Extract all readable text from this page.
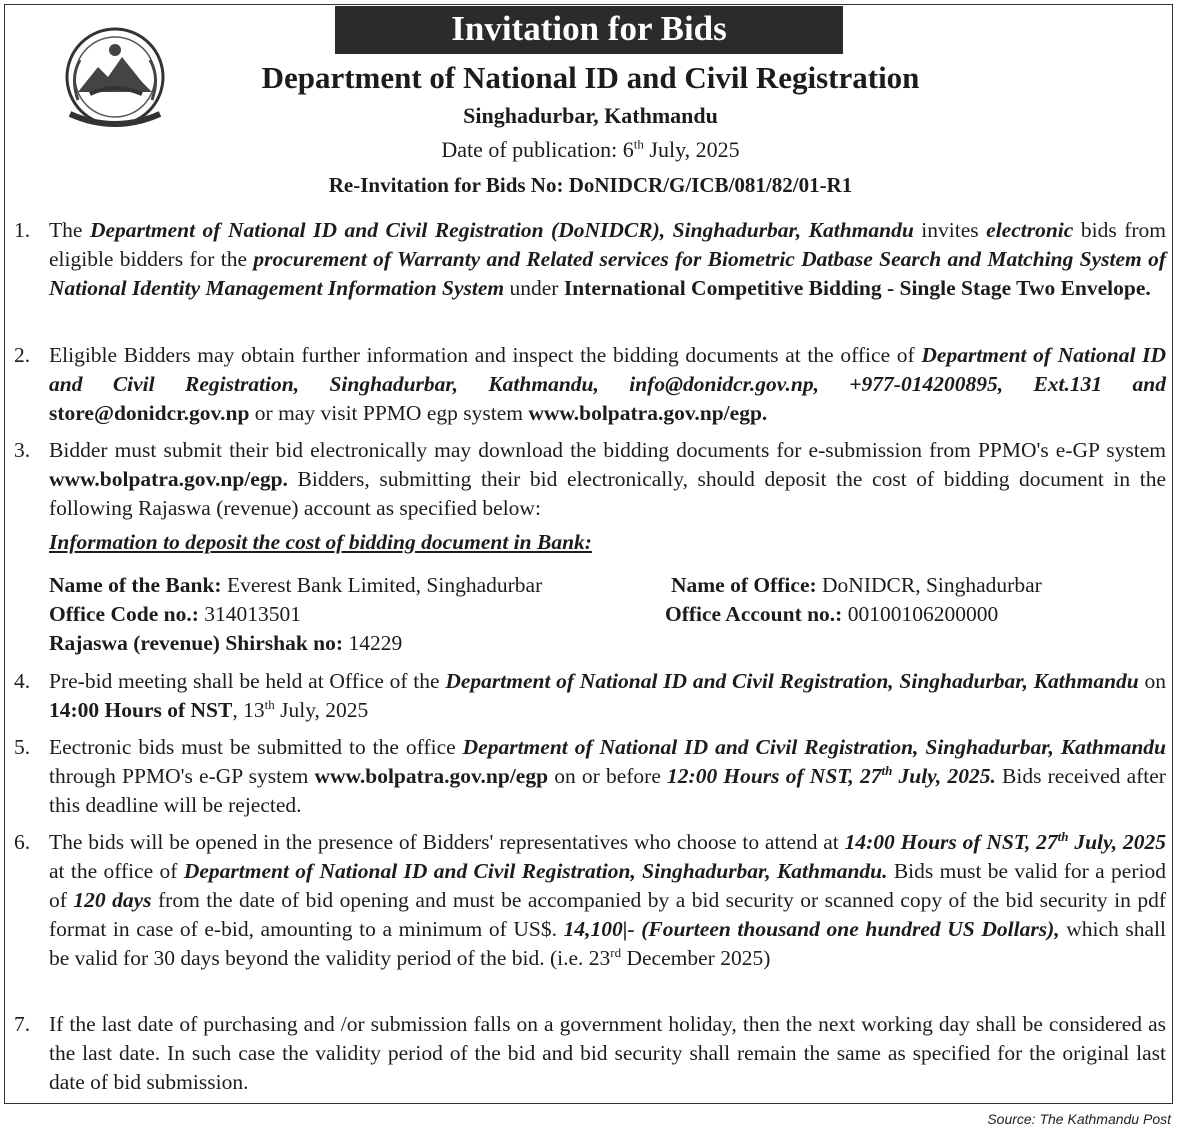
Invitation for Bids
Department of National ID and Civil Registration
Singhadurbar, Kathmandu
Date of publication: 6th July, 2025
Re-Invitation for Bids No: DoNIDCR/G/ICB/081/82/01-R1
1. The Department of National ID and Civil Registration (DoNIDCR), Singhadurbar, Kathmandu invites electronic bids from eligible bidders for the procurement of Warranty and Related services for Biometric Datbase Search and Matching System of National Identity Management Information System under International Competitive Bidding - Single Stage Two Envelope.
2. Eligible Bidders may obtain further information and inspect the bidding documents at the office of Department of National ID and Civil Registration, Singhadurbar, Kathmandu, info@donidcr.gov.np, +977-014200895, Ext.131 and store@donidcr.gov.np or may visit PPMO egp system www.bolpatra.gov.np/egp.
3. Bidder must submit their bid electronically may download the bidding documents for e-submission from PPMO's e-GP system www.bolpatra.gov.np/egp. Bidders, submitting their bid electronically, should deposit the cost of bidding document in the following Rajaswa (revenue) account as specified below:
Information to deposit the cost of bidding document in Bank:
Name of the Bank: Everest Bank Limited, Singhadurbar	Name of Office: DoNIDCR, Singhadurbar
Office Code no.: 314013501	Office Account no.: 00100106200000
Rajaswa (revenue) Shirshak no: 14229
4. Pre-bid meeting shall be held at Office of the Department of National ID and Civil Registration, Singhadurbar, Kathmandu on 14:00 Hours of NST, 13th July, 2025
5. Eectronic bids must be submitted to the office Department of National ID and Civil Registration, Singhadurbar, Kathmandu through PPMO's e-GP system www.bolpatra.gov.np/egp on or before 12:00 Hours of NST, 27th July, 2025. Bids received after this deadline will be rejected.
6. The bids will be opened in the presence of Bidders' representatives who choose to attend at 14:00 Hours of NST, 27th July, 2025 at the office of Department of National ID and Civil Registration, Singhadurbar, Kathmandu. Bids must be valid for a period of 120 days from the date of bid opening and must be accompanied by a bid security or scanned copy of the bid security in pdf format in case of e-bid, amounting to a minimum of US$. 14,100|- (Fourteen thousand one hundred US Dollars), which shall be valid for 30 days beyond the validity period of the bid. (i.e. 23rd December 2025)
7. If the last date of purchasing and /or submission falls on a government holiday, then the next working day shall be considered as the last date. In such case the validity period of the bid and bid security shall remain the same as specified for the original last date of bid submission.
Source: The Kathmandu Post
